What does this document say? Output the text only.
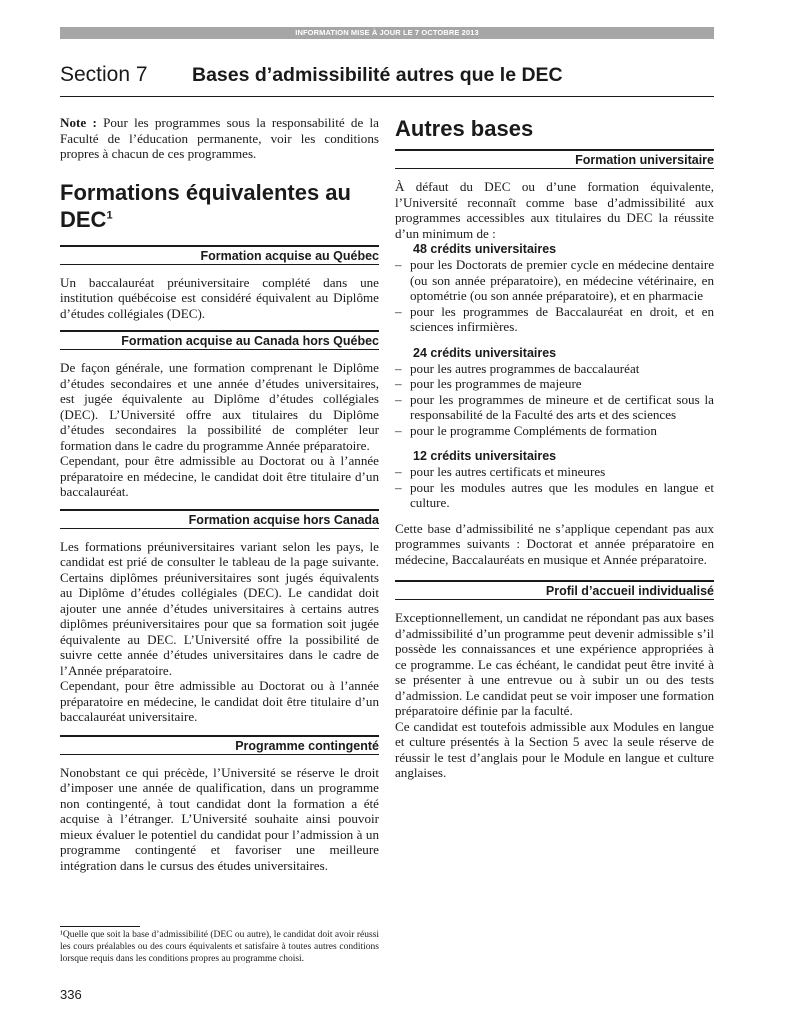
INFORMATION MISE À JOUR LE 7 OCTOBRE 2013
Section 7 Bases d’admissibilité autres que le DEC

Note : Pour les programmes sous la responsabilité de la Faculté de l’éducation permanente, voir les conditions propres à chacun de ces programmes.

Formations équivalentes au DEC$^1$
Formation acquise au Québec

Un baccalauréat préuniversitaire complété dans une institution québécoise est considéré équivalent au Diplôme d’études collégiales (DEC).

Formation acquise au Canada hors Québec

De façon générale, une formation comprenant le Diplôme d’études secondaires et une année d’études universitaires, est jugée équivalente au Diplôme d’études collégiales (DEC). L’Université offre aux titulaires du Diplôme d’études secondaires la possibilité de compléter leur formation dans le cadre du programme Année préparatoire.

Cependant, pour être admissible au Doctorat ou à l’année préparatoire en médecine, le candidat doit être titulaire d’un baccalauréat.

Formation acquise hors Canada

Les formations préuniversitaires variant selon les pays, le candidat est prié de consulter le tableau de la page suivante. Certains diplômes préuniversitaires sont jugés équivalents au Diplôme d’études collégiales (DEC). Le candidat doit ajouter une année d’études universitaires à certains autres diplômes préuniversitaires pour que sa formation soit jugée équivalente au DEC. L’Université offre la possibilité de suivre cette année d’études universitaires dans le cadre de l’Année préparatoire.

Cependant, pour être admissible au Doctorat ou à l’année préparatoire en médecine, le candidat doit être titulaire d’un baccalauréat universitaire.

Programme contingenté

Nonobstant ce qui précède, l’Université se réserve le droit d’imposer une année de qualification, dans un programme non contingenté, à tout candidat dont la formation a été acquise à l’étranger. L’Université souhaite ainsi pouvoir mieux évaluer le potentiel du candidat pour l’admission à un programme contingenté et favoriser une meilleure intégration dans le cursus des études universitaires.

¹Quelle que soit la base d’admissibilité (DEC ou autre), le candidat doit avoir réussi les cours préalables ou des cours équivalents et satisfaire à toutes autres conditions lorsque requis dans les conditions propres au programme choisi.
336
Autres bases
Formation universitaire

À défaut du DEC ou d’une formation équivalente, l’Université reconnaît comme base d’admissibilité aux programmes accessibles aux titulaires du DEC la réussite d’un minimum de :

48 crédits universitaires
– pour les Doctorats de premier cycle en médecine dentaire (ou son année préparatoire), en médecine vétérinaire, en optométrie (ou son année préparatoire), et en pharmacie
– pour les programmes de Baccalauréat en droit, et en sciences infirmières.
24 crédits universitaires
– pour les autres programmes de baccalauréat
– pour les programmes de majeure
– pour les programmes de mineure et de certificat sous la responsabilité de la Faculté des arts et des sciences
– pour le programme Compléments de formation
12 crédits universitaires
– pour les autres certificats et mineures
– pour les modules autres que les modules en langue et culture.

Cette base d’admissibilité ne s’applique cependant pas aux programmes suivants : Doctorat et année préparatoire en médecine, Baccalauréats en musique et Année préparatoire.

Profil d’accueil individualisé

Exceptionnellement, un candidat ne répondant pas aux bases d’admissibilité d’un programme peut devenir admissible s’il possède les connaissances et une expérience appropriées à ce programme. Le cas échéant, le candidat peut être invité à se présenter à une entrevue ou à subir un ou des tests d’admission. Le candidat peut se voir imposer une formation préparatoire définie par la faculté.

Ce candidat est toutefois admissible aux Modules en langue et culture présentés à la Section 5 avec la seule réserve de réussir le test d’anglais pour le Module en langue et culture anglaises.
